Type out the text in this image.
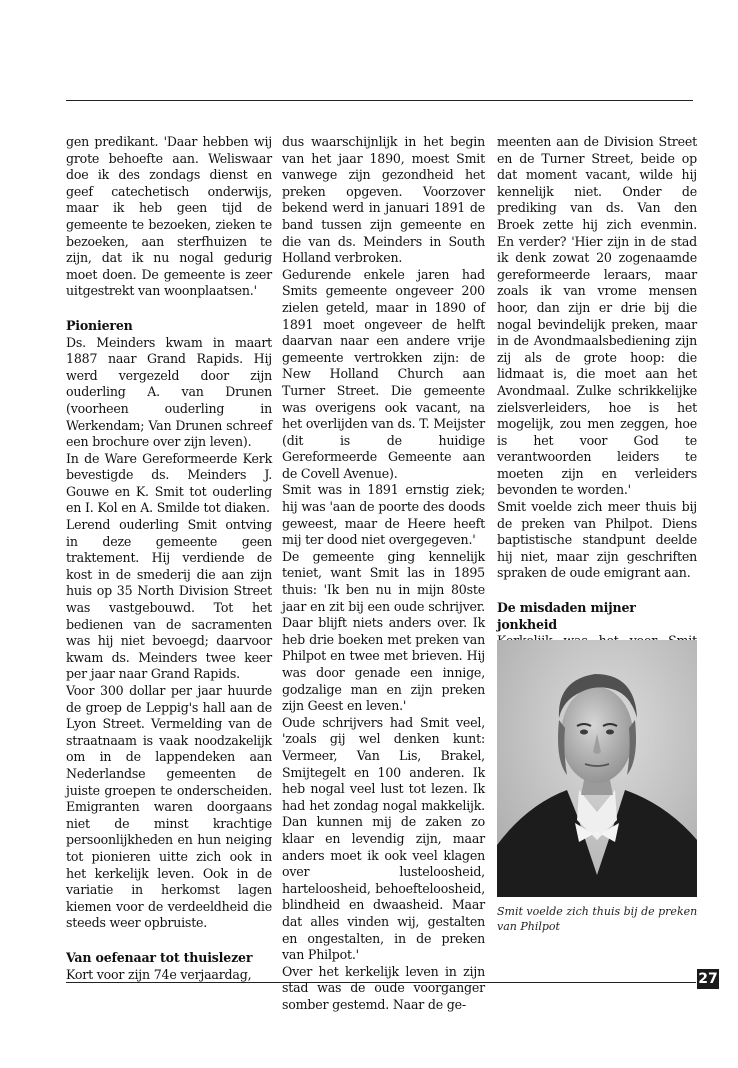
gen predikant. 'Daar hebben wij grote behoefte aan. Weliswaar doe ik des zondags dienst en geef catechetisch onderwijs, maar ik heb geen tijd de gemeente te bezoeken, zieken te bezoeken, aan sterfhuizen te zijn, dat ik nu nogal gedurig moet doen. De gemeente is zeer uitgestrekt van woonplaatsen.'

Pionieren

Ds. Meinders kwam in maart 1887 naar Grand Rapids. Hij werd vergezeld door zijn ouderling A. van Drunen (voorheen ouderling in Werkendam; Van Drunen schreef een brochure over zijn leven).

In de Ware Gereformeerde Kerk bevestigde ds. Meinders J. Gouwe en K. Smit tot ouderling en I. Kol en A. Smilde tot diaken.

Lerend ouderling Smit ontving in deze gemeente geen traktement. Hij verdiende de kost in de smederij die aan zijn huis op 35 North Division Street was vastgebouwd. Tot het bedienen van de sacramenten was hij niet bevoegd; daarvoor kwam ds. Meinders twee keer per jaar naar Grand Rapids.

Voor 300 dollar per jaar huurde de groep de Leppig's hall aan de Lyon Street. Vermelding van de straatnaam is vaak noodzakelijk om in de lappendeken aan Nederlandse gemeenten de juiste groepen te onderscheiden. Emigranten waren doorgaans niet de minst krachtige persoonlijkheden en hun neiging tot pionieren uitte zich ook in het kerkelijk leven. Ook in de variatie in herkomst lagen kiemen voor de verdeeldheid die steeds weer opbruiste.

Van oefenaar tot thuislezer

Kort voor zijn 74e verjaardag,

dus waarschijnlijk in het begin van het jaar 1890, moest Smit vanwege zijn gezondheid het preken opgeven. Voorzover bekend werd in januari 1891 de band tussen zijn gemeente en die van ds. Meinders in South Holland verbroken.

Gedurende enkele jaren had Smits gemeente ongeveer 200 zielen geteld, maar in 1890 of 1891 moet ongeveer de helft daarvan naar een andere vrije gemeente vertrokken zijn: de New Holland Church aan Turner Street. Die gemeente was overigens ook vacant, na het overlijden van ds. T. Meijster (dit is de huidige Gereformeerde Gemeente aan de Covell Avenue).

Smit was in 1891 ernstig ziek; hij was 'aan de poorte des doods geweest, maar de Heere heeft mij ter dood niet overgegeven.'

De gemeente ging kennelijk teniet, want Smit las in 1895 thuis: 'Ik ben nu in mijn 80ste jaar en zit bij een oude schrijver. Daar blijft niets anders over. Ik heb drie boeken met preken van Philpot en twee met brieven. Hij was door genade een innige, godzalige man en zijn preken zijn Geest en leven.'

Oude schrijvers had Smit veel, 'zoals gij wel denken kunt: Vermeer, Van Lis, Brakel, Smijtegelt en 100 anderen. Ik heb nogal veel lust tot lezen. Ik had het zondag nogal makkelijk. Dan kunnen mij de zaken zo klaar en levendig zijn, maar anders moet ik ook veel klagen over lusteloosheid, harteloosheid, behoefteloosheid, blindheid en dwaasheid. Maar dat alles vinden wij, gestalten en ongestalten, in de preken van Philpot.'

Over het kerkelijk leven in zijn stad was de oude voorganger somber gestemd. Naar de ge-

meenten aan de Division Street en de Turner Street, beide op dat moment vacant, wilde hij kennelijk niet. Onder de prediking van ds. Van den Broek zette hij zich evenmin. En verder? 'Hier zijn in de stad ik denk zowat 20 zogenaamde gereformeerde leraars, maar zoals ik van vrome mensen hoor, dan zijn er drie bij die nogal bevindelijk preken, maar in de Avondmaalsbediening zijn zij als de grote hoop: die lidmaat is, die moet aan het Avondmaal. Zulke schrikkelijke zielsverleiders, hoe is het mogelijk, zou men zeggen, hoe is het voor God te verantwoorden leiders te moeten zijn en verleiders bevonden te worden.'

Smit voelde zich meer thuis bij de preken van Philpot. Diens baptistische standpunt deelde hij niet, maar zijn geschriften spraken de oude emigrant aan.

De misdaden mijner jonkheid

Smit voelde zich thuis bij de preken van Philpot
27
